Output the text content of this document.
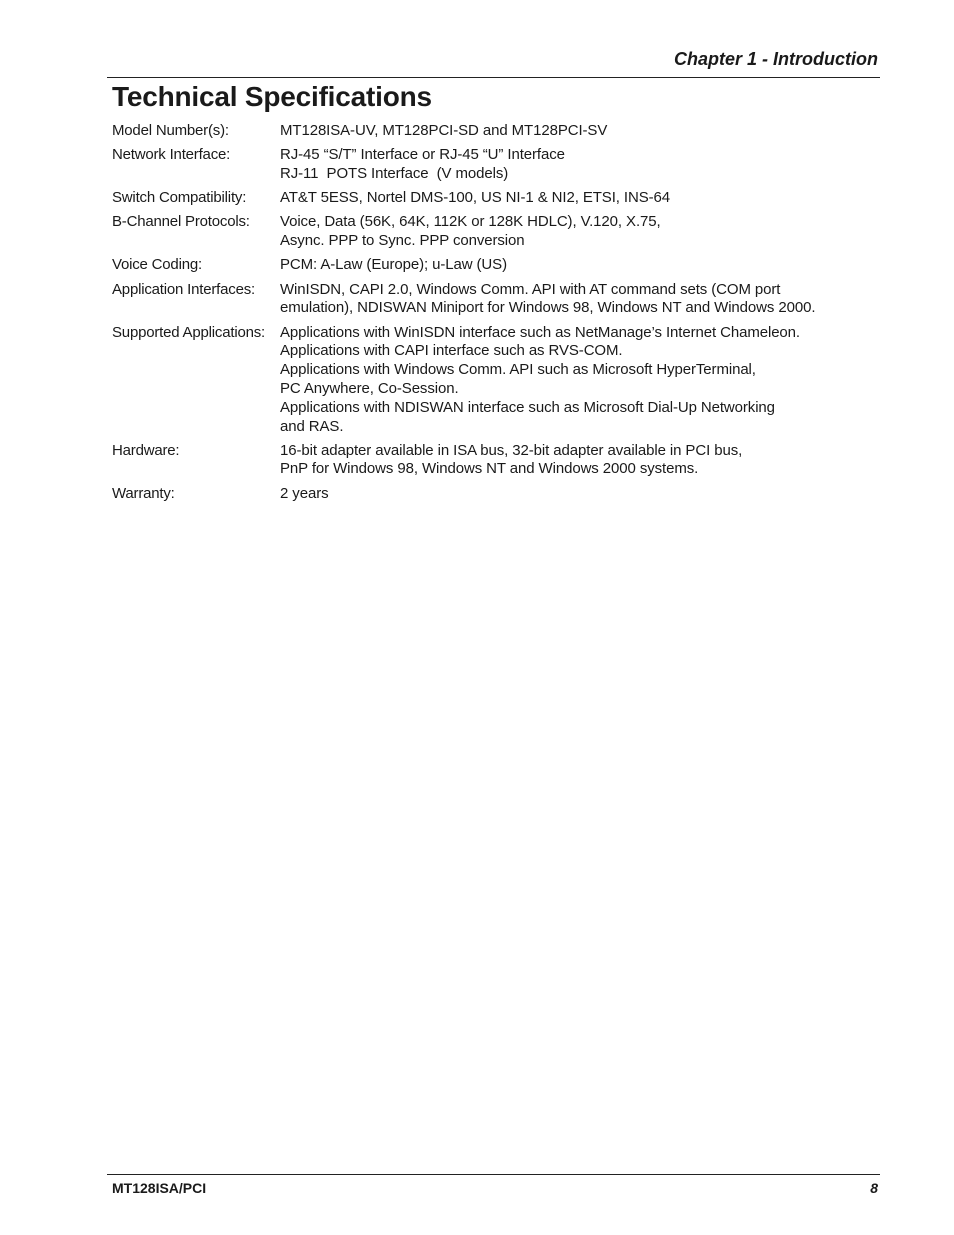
Chapter 1 - Introduction
Technical Specifications
Model Number(s):	MT128ISA-UV, MT128PCI-SD and MT128PCI-SV
Network Interface:	RJ-45 “S/T” Interface or RJ-45 “U” Interface
RJ-11  POTS Interface  (V models)
Switch Compatibility:	AT&T 5ESS, Nortel DMS-100, US NI-1 & NI2, ETSI, INS-64
B-Channel Protocols:	Voice, Data (56K, 64K, 112K or 128K HDLC), V.120, X.75,
Async. PPP to Sync. PPP conversion
Voice Coding:	PCM: A-Law (Europe); u-Law (US)
Application Interfaces:	WinISDN, CAPI 2.0, Windows Comm. API with AT command sets (COM port
emulation), NDISWAN Miniport for Windows 98, Windows NT and Windows 2000.
Supported Applications: Applications with WinISDN interface such as NetManage’s Internet Chameleon.
Applications with CAPI interface such as RVS-COM.
Applications with Windows Comm. API such as Microsoft HyperTerminal,
PC Anywhere, Co-Session.
Applications with NDISWAN interface such as Microsoft Dial-Up Networking
and RAS.
Hardware:	16-bit adapter available in ISA bus, 32-bit adapter available in PCI bus,
PnP for Windows 98, Windows NT and Windows 2000 systems.
Warranty:	2 years
MT128ISA/PCI	8
